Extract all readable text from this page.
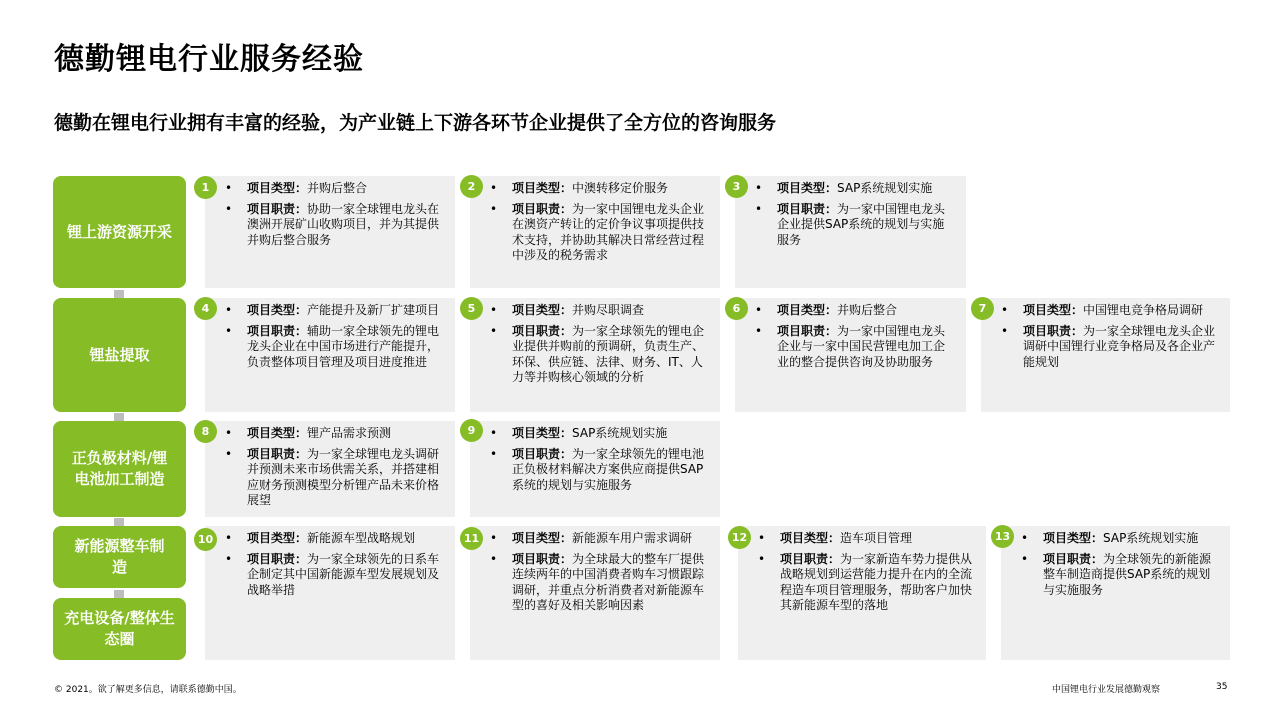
德勤锂电行业服务经验
德勤在锂电行业拥有丰富的经验，为产业链上下游各环节企业提供了全方位的咨询服务
锂上游资源开采
锂盐提取
正负极材料/锂电池加工制造
新能源整车制造
充电设备/整体生态圈
• 项目类型：并购后整合
• 项目职责：协助一家全球锂电龙头在澳洲开展矿山收购项目，并为其提供并购后整合服务
1	• 项目类型：中澳转移定价服务
• 项目职责：为一家中国锂电龙头企业在澳资产转让的定价争议事项提供技术支持，并协助其解决日常经营过程中涉及的税务需求
2	• 项目类型：SAP系统规划实施
• 项目职责：为一家中国锂电龙头企业提供SAP系统的规划与实施服务
3
• 项目类型：产能提升及新厂扩建项目
• 项目职责：辅助一家全球领先的锂电龙头企业在中国市场进行产能提升，负责整体项目管理及项目进度推进
4	• 项目类型：并购尽职调查
• 项目职责：为一家全球领先的锂电企业提供并购前的预调研，负责生产、环保、供应链、法律、财务、IT、人力等并购核心领域的分析
5	• 项目类型：并购后整合
• 项目职责：为一家中国锂电龙头企业与一家中国民营锂电加工企业的整合提供咨询及协助服务
6	• 项目类型：中国锂电竞争格局调研
• 项目职责：为一家全球锂电龙头企业调研中国锂行业竞争格局及各企业产能规划
7
• 项目类型：锂产品需求预测
• 项目职责：为一家全球锂电龙头调研并预测未来市场供需关系，并搭建相应财务预测模型分析锂产品未来价格展望
8	• 项目类型：SAP系统规划实施
• 项目职责：为一家全球领先的锂电池正负极材料解决方案供应商提供SAP系统的规划与实施服务
9
• 项目类型：新能源车型战略规划
• 项目职责：为一家全球领先的日系车企制定其中国新能源车型发展规划及战略举措
10	• 项目类型：新能源车用户需求调研
• 项目职责：为全球最大的整车厂提供连续两年的中国消费者购车习惯跟踪调研，并重点分析消费者对新能源车型的喜好及相关影响因素
11	• 项目类型：造车项目管理
• 项目职责：为一家新造车势力提供从战略规划到运营能力提升在内的全流程造车项目管理服务，帮助客户加快其新能源车型的落地
12	• 项目类型：SAP系统规划实施
• 项目职责：为全球领先的新能源整车制造商提供SAP系统的规划与实施服务
13
© 2021。欲了解更多信息，请联系德勤中国。	中国锂电行业发展德勤观察	35
